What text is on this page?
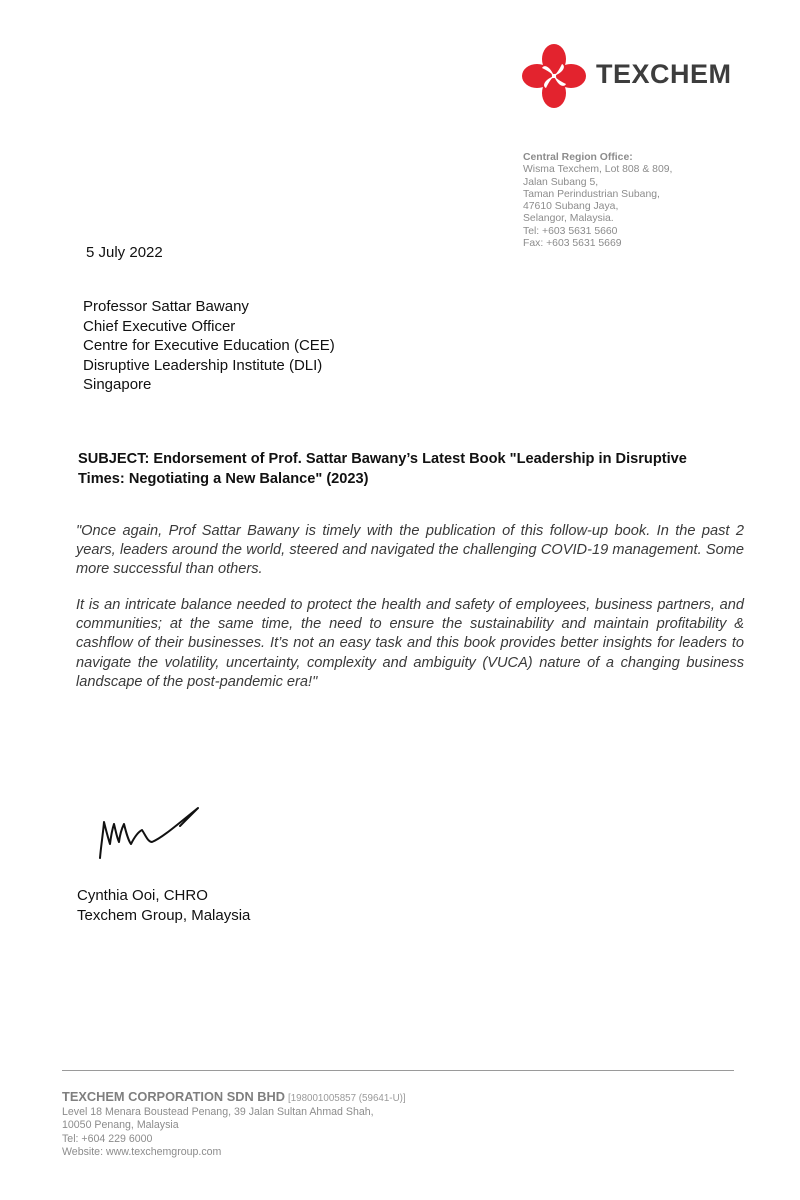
TEXCHEM
Central Region Office:
Wisma Texchem, Lot 808 & 809,
Jalan Subang 5,
Taman Perindustrian Subang,
47610 Subang Jaya,
Selangor, Malaysia.
Tel: +603 5631 5660
Fax: +603 5631 5669
5 July 2022
Professor Sattar Bawany
Chief Executive Officer
Centre for Executive Education (CEE)
Disruptive Leadership Institute (DLI)
Singapore
SUBJECT: Endorsement of Prof. Sattar Bawany’s Latest Book "Leadership in Disruptive Times: Negotiating a New Balance" (2023)
"Once again, Prof Sattar Bawany is timely with the publication of this follow-up book. In the past 2 years, leaders around the world, steered and navigated the challenging COVID-19 management. Some more successful than others.
It is an intricate balance needed to protect the health and safety of employees, business partners, and communities; at the same time, the need to ensure the sustainability and maintain profitability & cashflow of their businesses. It’s not an easy task and this book provides better insights for leaders to navigate the volatility, uncertainty, complexity and ambiguity (VUCA) nature of a changing business landscape of the post-pandemic era!"
Cynthia Ooi, CHRO
Texchem Group, Malaysia
TEXCHEM CORPORATION SDN BHD [198001005857 (59641-U)]
Level 18 Menara Boustead Penang, 39 Jalan Sultan Ahmad Shah,
10050 Penang, Malaysia
Tel: +604 229 6000
Website: www.texchemgroup.com
